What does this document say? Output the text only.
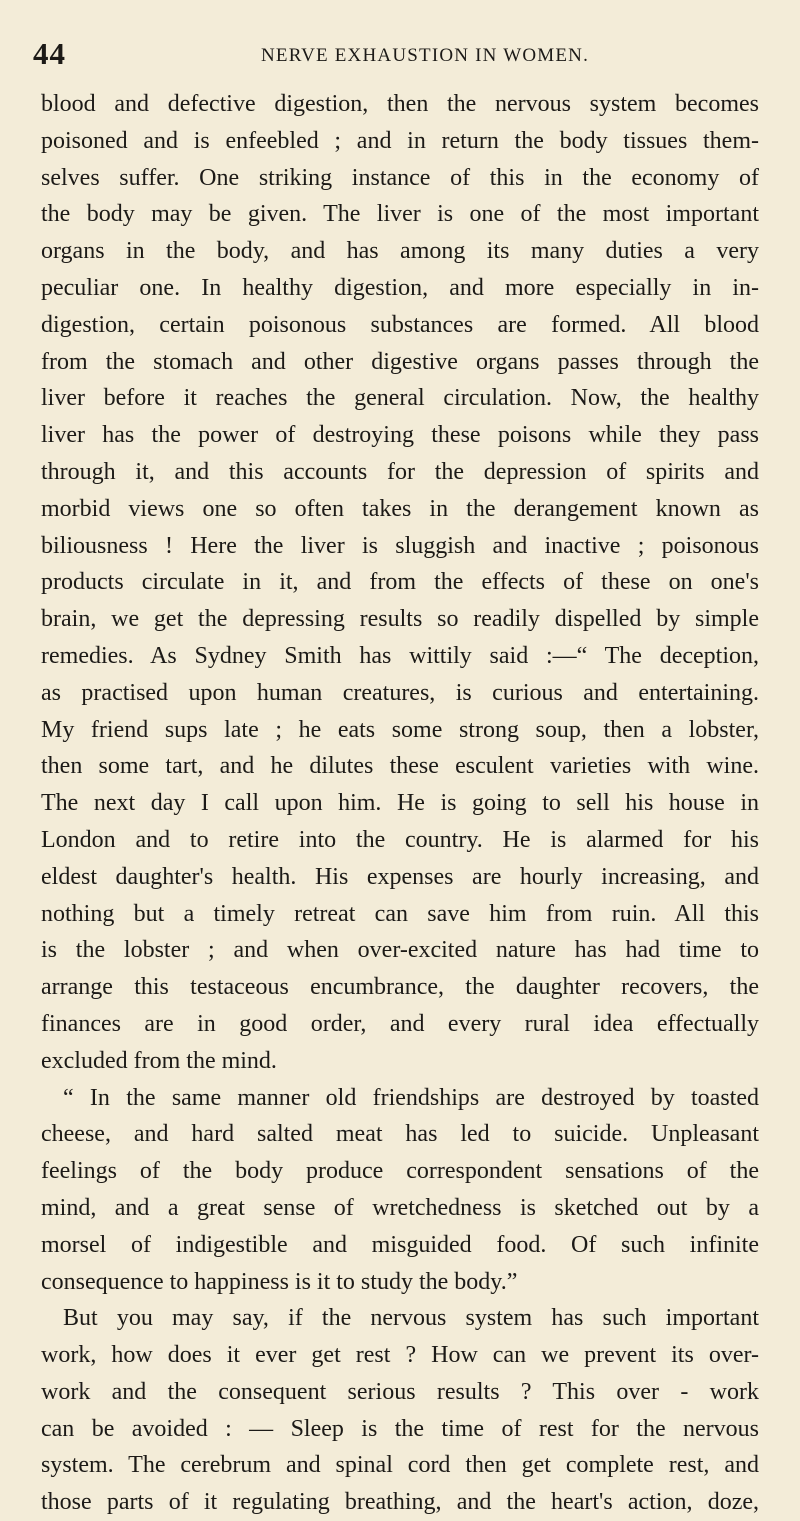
44	NERVE EXHAUSTION IN WOMEN.
blood and defective digestion, then the nervous system becomes
poisoned and is enfeebled ; and in return the body tissues them-
selves suffer. One striking instance of this in the economy of
the body may be given. The liver is one of the most important
organs in the body, and has among its many duties a very
peculiar one. In healthy digestion, and more especially in in-
digestion, certain poisonous substances are formed. All blood
from the stomach and other digestive organs passes through the
liver before it reaches the general circulation. Now, the healthy
liver has the power of destroying these poisons while they pass
through it, and this accounts for the depression of spirits and
morbid views one so often takes in the derangement known as
biliousness ! Here the liver is sluggish and inactive ; poisonous
products circulate in it, and from the effects of these on one's
brain, we get the depressing results so readily dispelled by simple
remedies. As Sydney Smith has wittily said :—“ The deception,
as practised upon human creatures, is curious and entertaining.
My friend sups late ; he eats some strong soup, then a lobster,
then some tart, and he dilutes these esculent varieties with wine.
The next day I call upon him. He is going to sell his house in
London and to retire into the country. He is alarmed for his
eldest daughter's health. His expenses are hourly increasing, and
nothing but a timely retreat can save him from ruin. All this
is the lobster ; and when over-excited nature has had time to
arrange this testaceous encumbrance, the daughter recovers, the
finances are in good order, and every rural idea effectually
excluded from the mind.
“ In the same manner old friendships are destroyed by toasted
cheese, and hard salted meat has led to suicide. Unpleasant
feelings of the body produce correspondent sensations of the
mind, and a great sense of wretchedness is sketched out by a
morsel of indigestible and misguided food. Of such infinite
consequence to happiness is it to study the body.”
But you may say, if the nervous system has such important
work, how does it ever get rest ? How can we prevent its over-
work and the consequent serious results ? This over - work
can be avoided : — Sleep is the time of rest for the nervous
system. The cerebrum and spinal cord then get complete rest, and
those parts of it regulating breathing, and the heart's action, doze,
